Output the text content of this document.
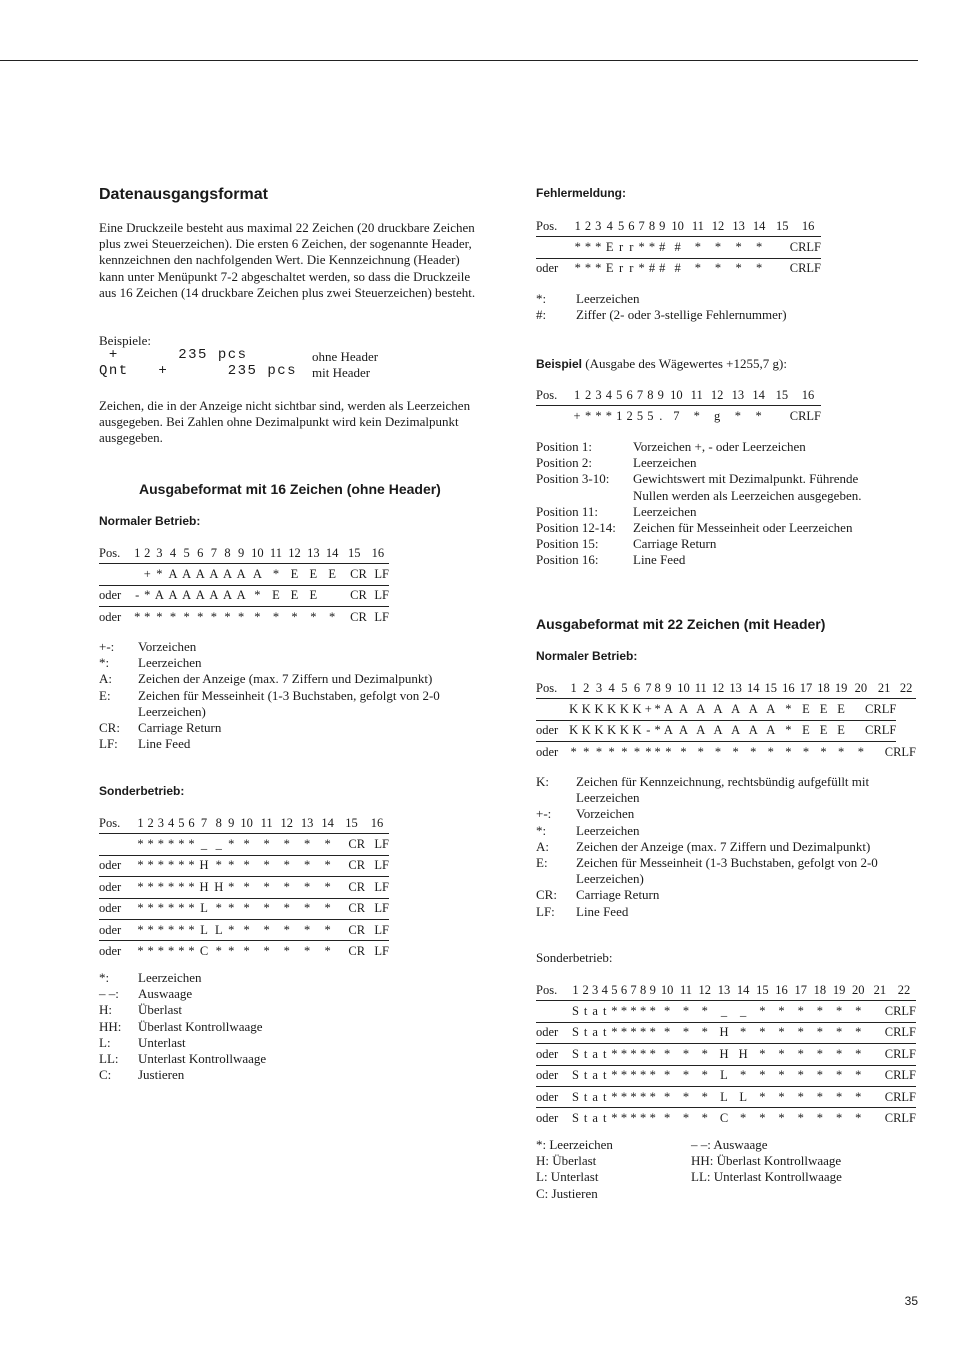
Datenausgangsformat

Eine Druckzeile besteht aus maximal 22 Zeichen (20 druckbare Zeichen plus zwei Steuerzeichen). Die ersten 6 Zeichen, der sogenannte Header, kennzeichnen den nachfolgenden Wert. Die Kennzeichnung (Header) kann unter Menüpunkt 7-2 abgeschaltet werden, so dass die Druckzeile aus 16 Zeichen (14 druckbare Zeichen plus zwei Steuerzeichen) besteht.

Beispiele:
+      235 pcs	ohne Header
Qnt   +      235 pcs mit Header

Zeichen, die in der Anzeige nicht sichtbar sind, werden als Leerzeichen ausgegeben. Bei Zahlen ohne Dezimalpunkt wird kein Dezimalpunkt ausgegeben.

Ausgabeformat mit 16 Zeichen (ohne Header)
Normaler Betrieb:
Pos.	1	2	3	4	5	6	7	8	9	10	11	12	13	14	15	16
		+	*	A	A	A	A	A	A	A	*	E	E	E	CR	LF
oder	-	*	A	A	A	A	A	A	A	*	E	E	E		CR	LF
oder	*	*	*	*	*	*	*	*	*	*	*	*	*	*	CR	LF
+-:	Vorzeichen
*:	Leerzeichen
A:	Zeichen der Anzeige (max. 7 Ziffern und Dezimalpunkt)
E:	Zeichen für Messeinheit (1-3 Buchstaben, gefolgt von 2-0 Leerzeichen)
CR:	Carriage Return
LF:	Line Feed
Sonderbetrieb:
Pos.	1	2	3	4	5	6	7	8	9	10	11	12	13	14	15	16
	*	*	*	*	*	*	_	_	*	*	*	*	*	*	CR	LF
oder	*	*	*	*	*	*	H	*	*	*	*	*	*	*	CR	LF
oder	*	*	*	*	*	*	H	H	*	*	*	*	*	*	CR	LF
oder	*	*	*	*	*	*	L	*	*	*	*	*	*	*	CR	LF
oder	*	*	*	*	*	*	L	L	*	*	*	*	*	*	CR	LF
oder	*	*	*	*	*	*	C	*	*	*	*	*	*	*	CR	LF
*:	Leerzeichen
– –:	Auswaage
H:	Überlast
HH:	Überlast Kontrollwaage
L:	Unterlast
LL:	Unterlast Kontrollwaage
C:	Justieren
Fehlermeldung:
Pos.	1	2	3	4	5	6	7	8	9	10	11	12	13	14	15	16
	*	*	*	E	r	r	*	*	#	#	*	*	*	*	CRLF	
oder	*	*	*	E	r	r	*	#	#	#	*	*	*	*	CRLF	
*:	Leerzeichen
#:	Ziffer (2- oder 3-stellige Fehlernummer)
Beispiel (Ausgabe des Wägewertes +1255,7 g):
Pos.	1	2	3	4	5	6	7	8	9	10	11	12	13	14	15	16
	+	*	*	*	1	2	5	5	.	7	*	g	*	*	CRLF	
Position 1:	Vorzeichen +, - oder Leerzeichen
Position 2:	Leerzeichen
Position 3-10:	Gewichtswert mit Dezimalpunkt. Führende Nullen werden als Leerzeichen ausgegeben.
Position 11:	Leerzeichen
Position 12-14:	Zeichen für Messeinheit oder Leerzeichen
Position 15:	Carriage Return
Position 16:	Line Feed
Ausgabeformat mit 22 Zeichen (mit Header)
Normaler Betrieb:
Pos.	1	2	3	4	5	6	7	8	9	10	11	12	13	14	15	16	17	18	19	20	21	22
	K	K	K	K	K	K	+	*	A	A	A	A	A	A	A	*	E	E	E	CRLF		
oder	K	K	K	K	K	K	-	*	A	A	A	A	A	A	A	*	E	E	E	CRLF		
oder	*	*	*	*	*	*	*	*	*	*	*	*	*	*	*	*	*	*	*	*	CRLF	
K:	Zeichen für Kennzeichnung, rechtsbündig aufgefüllt mit Leerzeichen
+-:	Vorzeichen
*:	Leerzeichen
A:	Zeichen der Anzeige (max. 7 Ziffern und Dezimalpunkt)
E:	Zeichen für Messeinheit (1-3 Buchstaben, gefolgt von 2-0 Leerzeichen)
CR:	Carriage Return
LF:	Line Feed
Sonderbetrieb:
Pos.	1	2	3	4	5	6	7	8	9	10	11	12	13	14	15	16	17	18	19	20	21	22
	S	t	a	t	*	*	*	*	*	*	*	*	_	_	*	*	*	*	*	*	CRLF	
oder	S	t	a	t	*	*	*	*	*	*	*	*	H	*	*	*	*	*	*	*	CRLF	
oder	S	t	a	t	*	*	*	*	*	*	*	*	H	H	*	*	*	*	*	*	CRLF	
oder	S	t	a	t	*	*	*	*	*	*	*	*	L	*	*	*	*	*	*	*	CRLF	
oder	S	t	a	t	*	*	*	*	*	*	*	*	L	L	*	*	*	*	*	*	CRLF	
oder	S	t	a	t	*	*	*	*	*	*	*	*	C	*	*	*	*	*	*	*	CRLF	
*: Leerzeichen	– –: Auswaage
H: Überlast	HH: Überlast Kontrollwaage
L: Unterlast	LL: Unterlast Kontrollwaage
C: Justieren
35
